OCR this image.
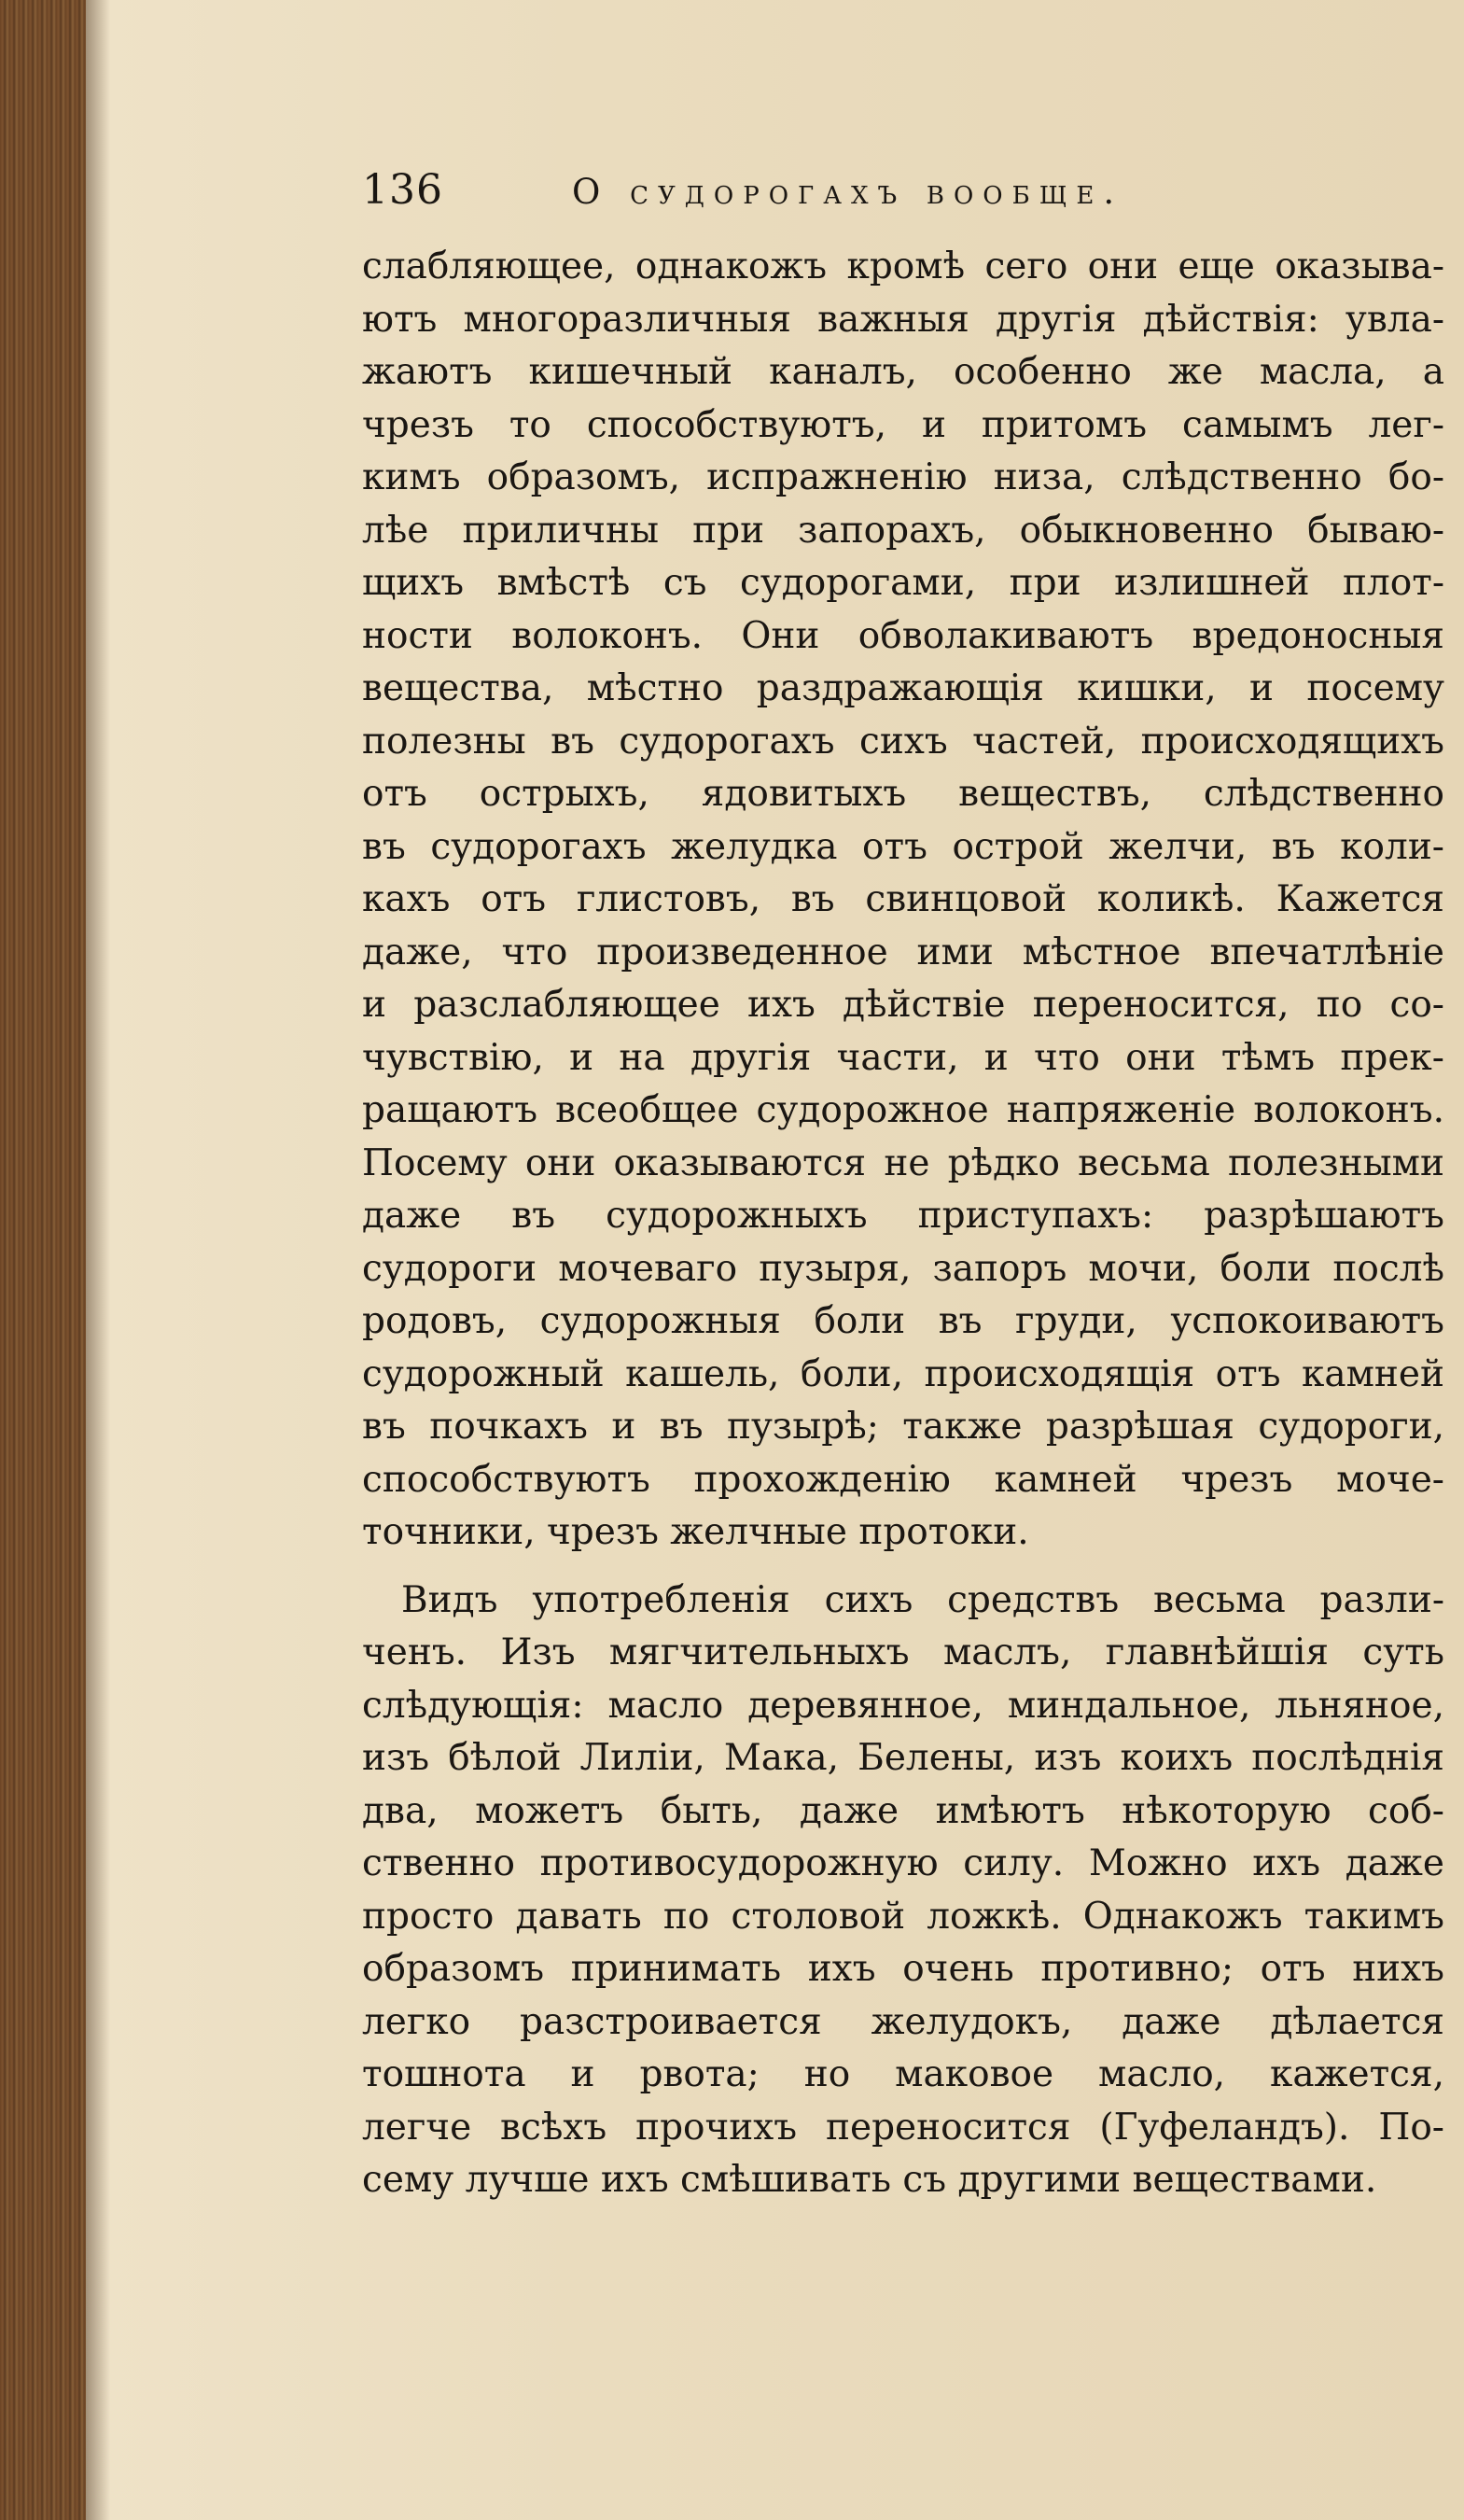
136	О судорогахъ вообще.
слабляющее, однакожъ кромѣ сего они еще оказыва-
ютъ многоразличныя важныя другія дѣйствія: увла-
жаютъ кишечный каналъ, особенно же масла, а
чрезъ то способствуютъ, и притомъ самымъ лег-
кимъ образомъ, испражненію низа, слѣдственно бо-
лѣе приличны при запорахъ, обыкновенно бываю-
щихъ вмѣстѣ съ судорогами, при излишней плот-
ности волоконъ. Они обволакиваютъ вредоносныя
вещества, мѣстно раздражающія кишки, и посему
полезны въ судорогахъ сихъ частей, происходящихъ
отъ острыхъ, ядовитыхъ веществъ, слѣдственно
въ судорогахъ желудка отъ острой желчи, въ коли-
кахъ отъ глистовъ, въ свинцовой коликѣ. Кажется
даже, что произведенное ими мѣстное впечатлѣніе
и разслабляющее ихъ дѣйствіе переносится, по со-
чувствію, и на другія части, и что они тѣмъ прек-
ращаютъ всеобщее судорожное напряженіе волоконъ.
Посему они оказываются не рѣдко весьма полезными
даже въ судорожныхъ приступахъ: разрѣшаютъ
судороги мочеваго пузыря, запоръ мочи, боли послѣ
родовъ, судорожныя боли въ груди, успокоиваютъ
судорожный кашель, боли, происходящія отъ камней
въ почкахъ и въ пузырѣ; также разрѣшая судороги,
способствуютъ прохожденію камней чрезъ моче-
точники, чрезъ желчные протоки.
Видъ употребленія сихъ средствъ весьма разли-
ченъ. Изъ мягчительныхъ маслъ, главнѣйшія суть
слѣдующія: масло деревянное, миндальное, льняное,
изъ бѣлой Лиліи, Мака, Белены, изъ коихъ послѣднія
два, можетъ быть, даже имѣютъ нѣкоторую соб-
ственно противосудорожную силу. Можно ихъ даже
просто давать по столовой ложкѣ. Однакожъ такимъ
образомъ принимать ихъ очень противно; отъ нихъ
легко разстроивается желудокъ, даже дѣлается
тошнота и рвота; но маковое масло, кажется,
легче всѣхъ прочихъ переносится (Гуфеландъ). По-
сему лучше ихъ смѣшивать съ другими веществами.
